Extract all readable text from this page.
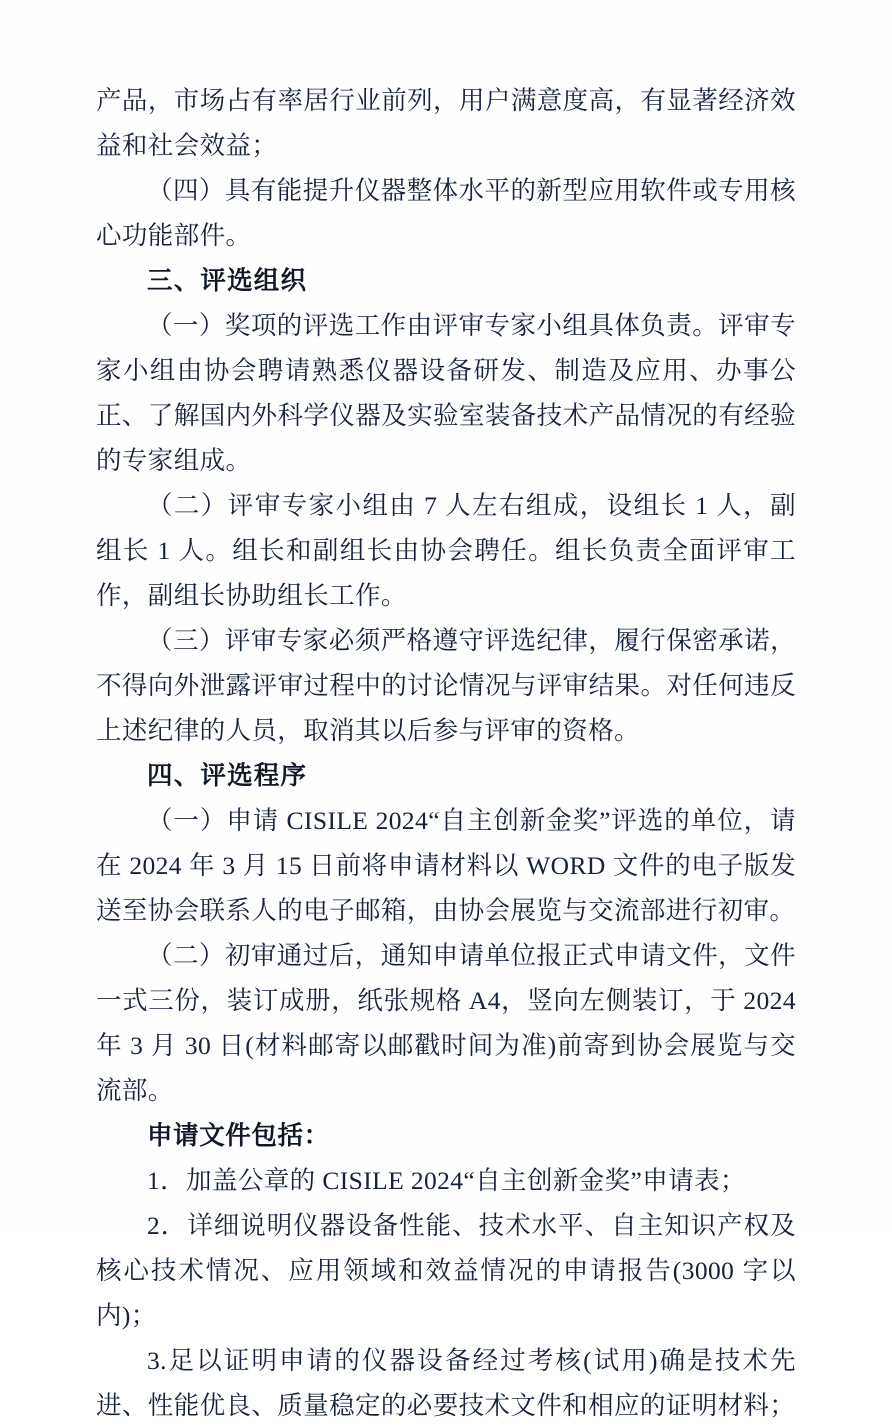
产品，市场占有率居行业前列，用户满意度高，有显著经济效益和社会效益；

（四）具有能提升仪器整体水平的新型应用软件或专用核心功能部件。

三、评选组织

（一）奖项的评选工作由评审专家小组具体负责。评审专家小组由协会聘请熟悉仪器设备研发、制造及应用、办事公正、了解国内外科学仪器及实验室装备技术产品情况的有经验的专家组成。

（二）评审专家小组由 7 人左右组成，设组长 1 人，副组长 1 人。组长和副组长由协会聘任。组长负责全面评审工作，副组长协助组长工作。

（三）评审专家必须严格遵守评选纪律，履行保密承诺，不得向外泄露评审过程中的讨论情况与评审结果。对任何违反上述纪律的人员，取消其以后参与评审的资格。

四、评选程序

（一）申请 CISILE 2024“自主创新金奖”评选的单位，请在 2024 年 3 月 15 日前将申请材料以 WORD 文件的电子版发送至协会联系人的电子邮箱，由协会展览与交流部进行初审。

（二）初审通过后，通知申请单位报正式申请文件，文件一式三份，装订成册，纸张规格 A4，竖向左侧装订，于 2024 年 3 月 30 日(材料邮寄以邮戳时间为准)前寄到协会展览与交流部。

申请文件包括：

1．加盖公章的 CISILE 2024“自主创新金奖”申请表；

2．详细说明仪器设备性能、技术水平、自主知识产权及核心技术情况、应用领域和效益情况的申请报告(3000 字以内)；

3.足以证明申请的仪器设备经过考核(试用)确是技术先进、性能优良、质量稳定的必要技术文件和相应的证明材料；
